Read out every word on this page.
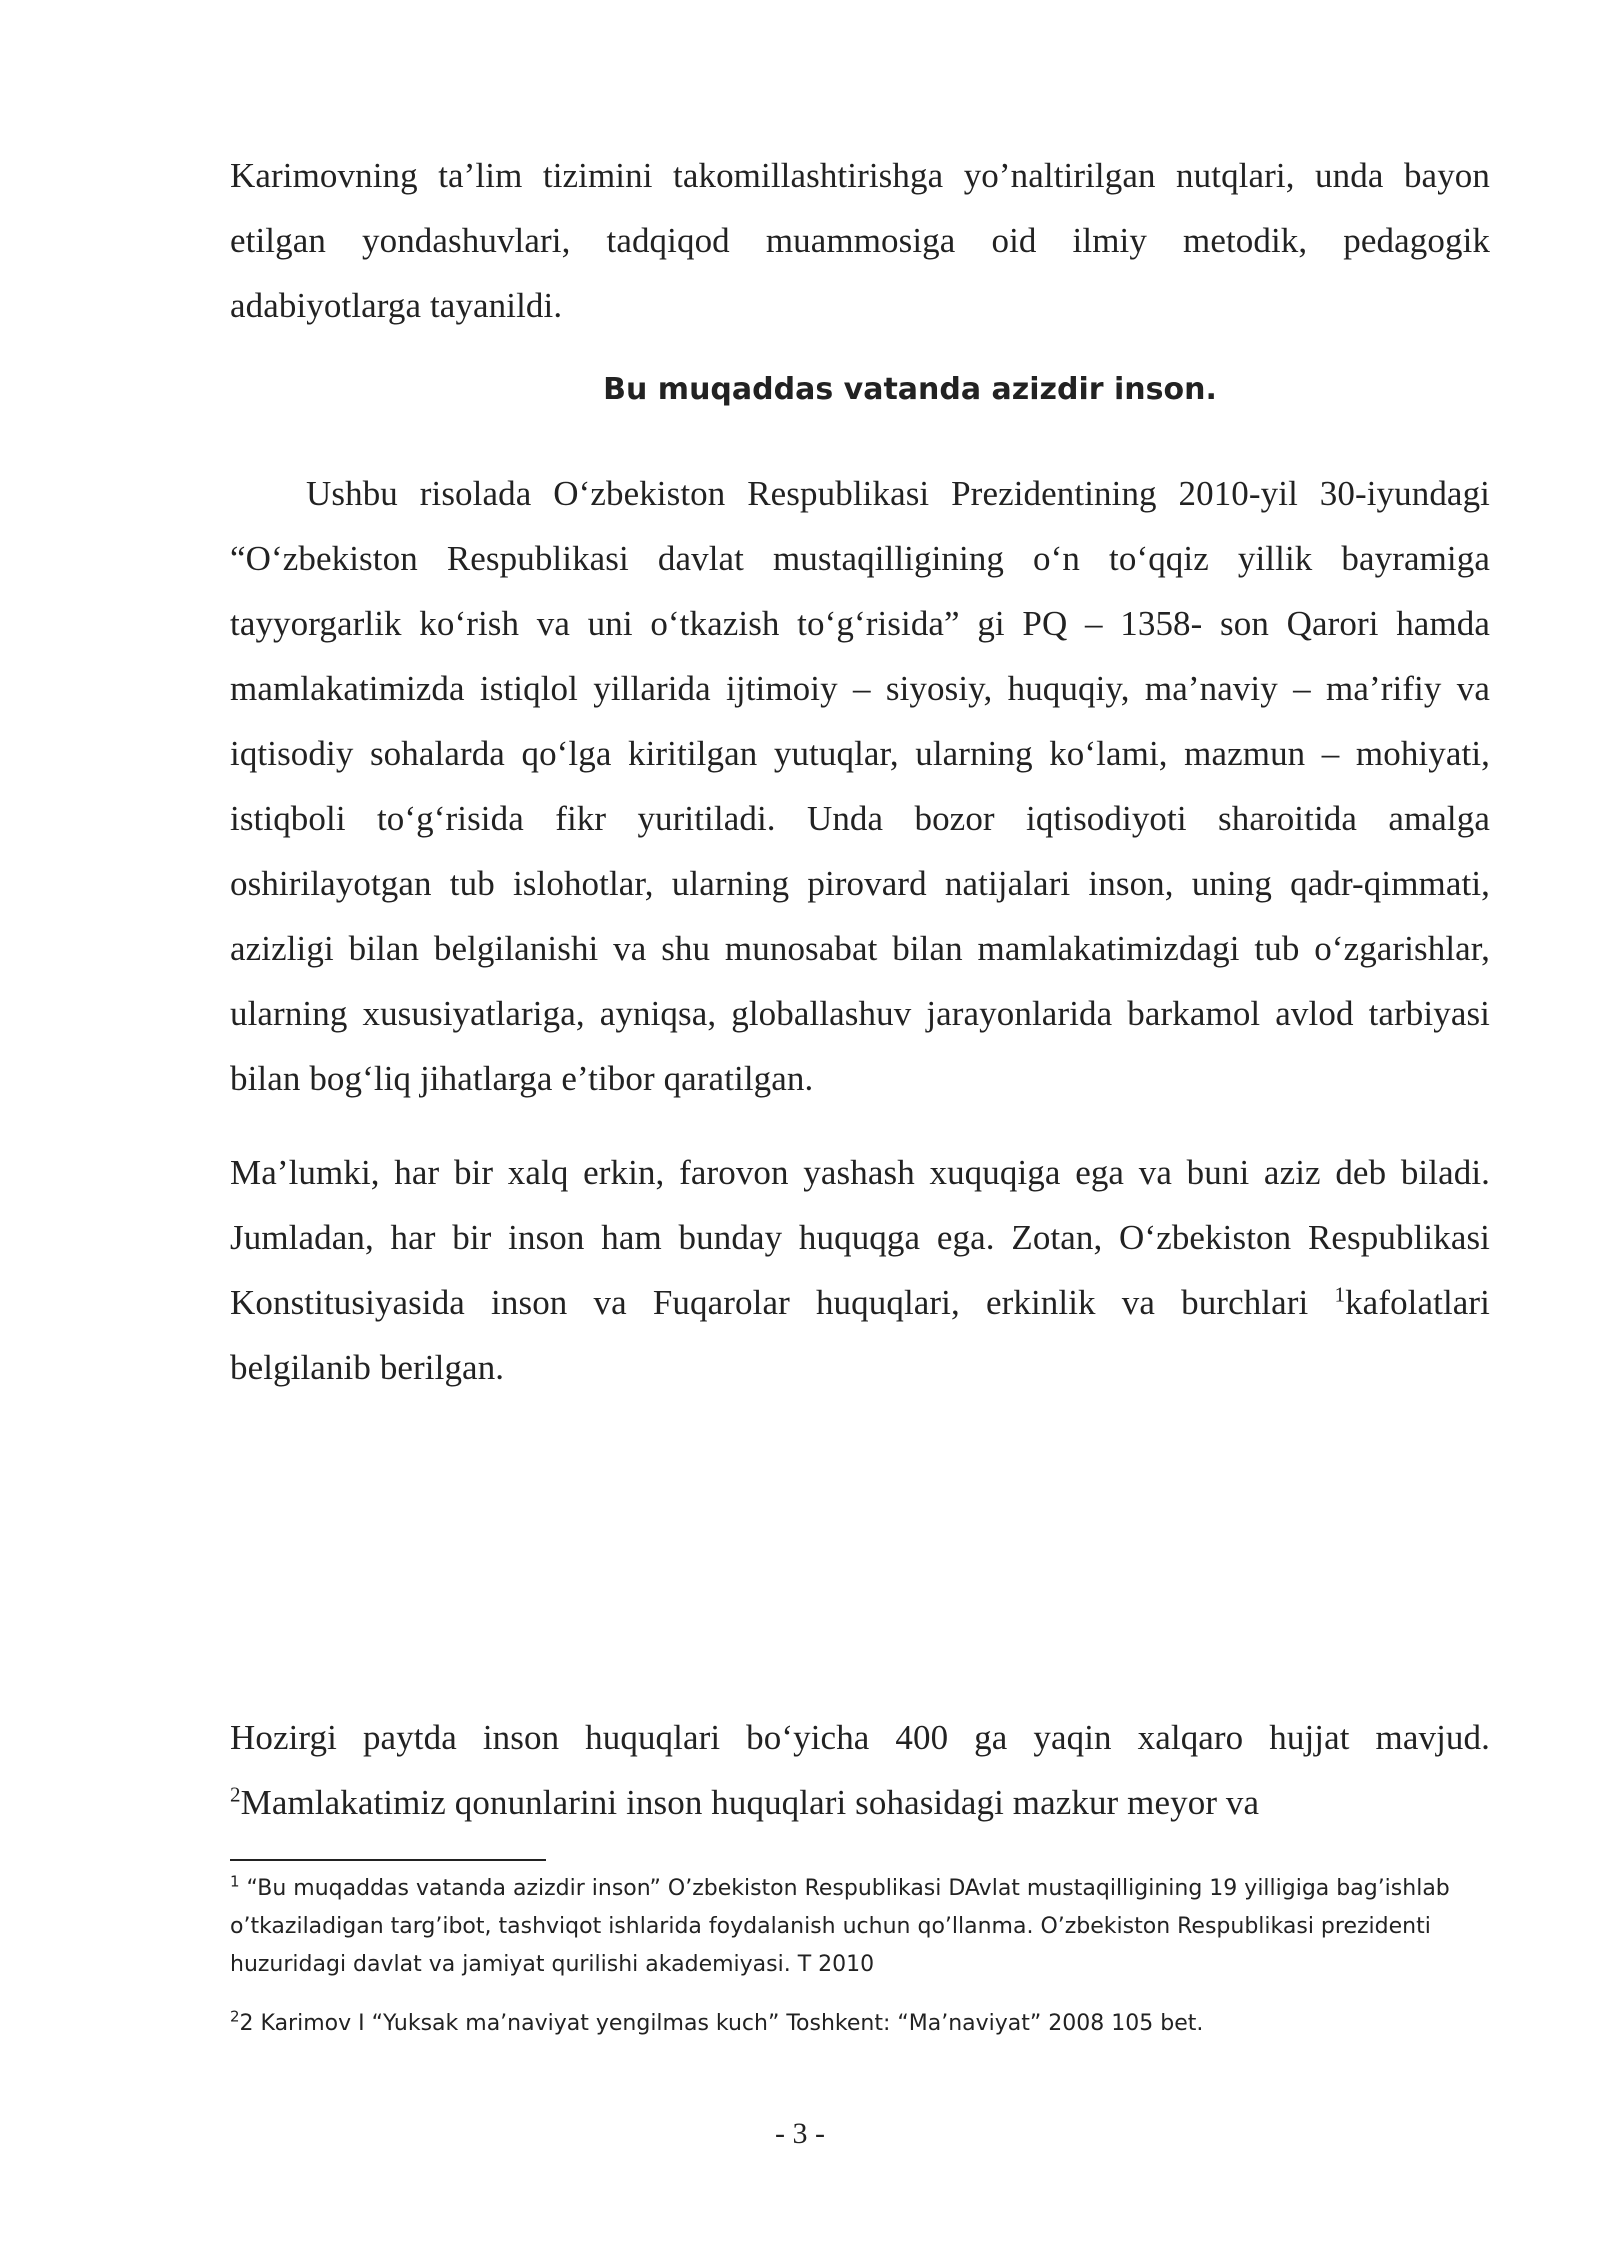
Karimovning ta’lim tizimini takomillashtirishga yo’naltirilgan nutqlari, unda bayon etilgan yondashuvlari, tadqiqod muammosiga oid ilmiy metodik, pedagogik adabiyotlarga tayanildi.

Bu muqaddas vatanda azizdir inson.

Ushbu risolada O‘zbekiston Respublikasi Prezidentining 2010-yil 30-iyundagi “O‘zbekiston Respublikasi davlat mustaqilligining o‘n to‘qqiz yillik bayramiga tayyorgarlik ko‘rish va uni o‘tkazish to‘g‘risida” gi PQ – 1358- son Qarori hamda mamlakatimizda istiqlol yillarida ijtimoiy – siyosiy, huquqiy, ma’naviy – ma’rifiy va iqtisodiy sohalarda qo‘lga kiritilgan yutuqlar, ularning ko‘lami, mazmun – mohiyati, istiqboli to‘g‘risida fikr yuritiladi. Unda bozor iqtisodiyoti sharoitida amalga oshirilayotgan tub islohotlar, ularning pirovard natijalari inson, uning qadr-qimmati, azizligi bilan belgilanishi va shu munosabat bilan mamlakatimizdagi tub o‘zgarishlar, ularning xususiyatlariga, ayniqsa, globallashuv jarayonlarida barkamol avlod tarbiyasi bilan bog‘liq jihatlarga e’tibor qaratilgan.

Ma’lumki, har bir xalq erkin, farovon yashash xuquqiga ega va buni aziz deb biladi. Jumladan, har bir inson ham bunday huquqga ega. Zotan, O‘zbekiston Respublikasi Konstitusiyasida inson va Fuqarolar huquqlari, erkinlik va burchlari $^1$kafolatlari belgilanib berilgan.

Hozirgi paytda inson huquqlari bo‘yicha 400 ga yaqin xalqaro hujjat mavjud. $^2$Mamlakatimiz qonunlarini inson huquqlari sohasidagi mazkur meyor va

$^1$ “Bu muqaddas vatanda azizdir inson” O’zbekiston Respublikasi DAvlat mustaqilligining 19 yilligiga bag’ishlab o’tkaziladigan targ’ibot, tashviqot ishlarida foydalanish uchun qo’llanma. O’zbekiston Respublikasi prezidenti huzuridagi davlat va jamiyat qurilishi akademiyasi. T 2010

$^2$2 Karimov I “Yuksak ma’naviyat yengilmas kuch” Toshkent: “Ma’naviyat” 2008 105 bet.

- 3 -
